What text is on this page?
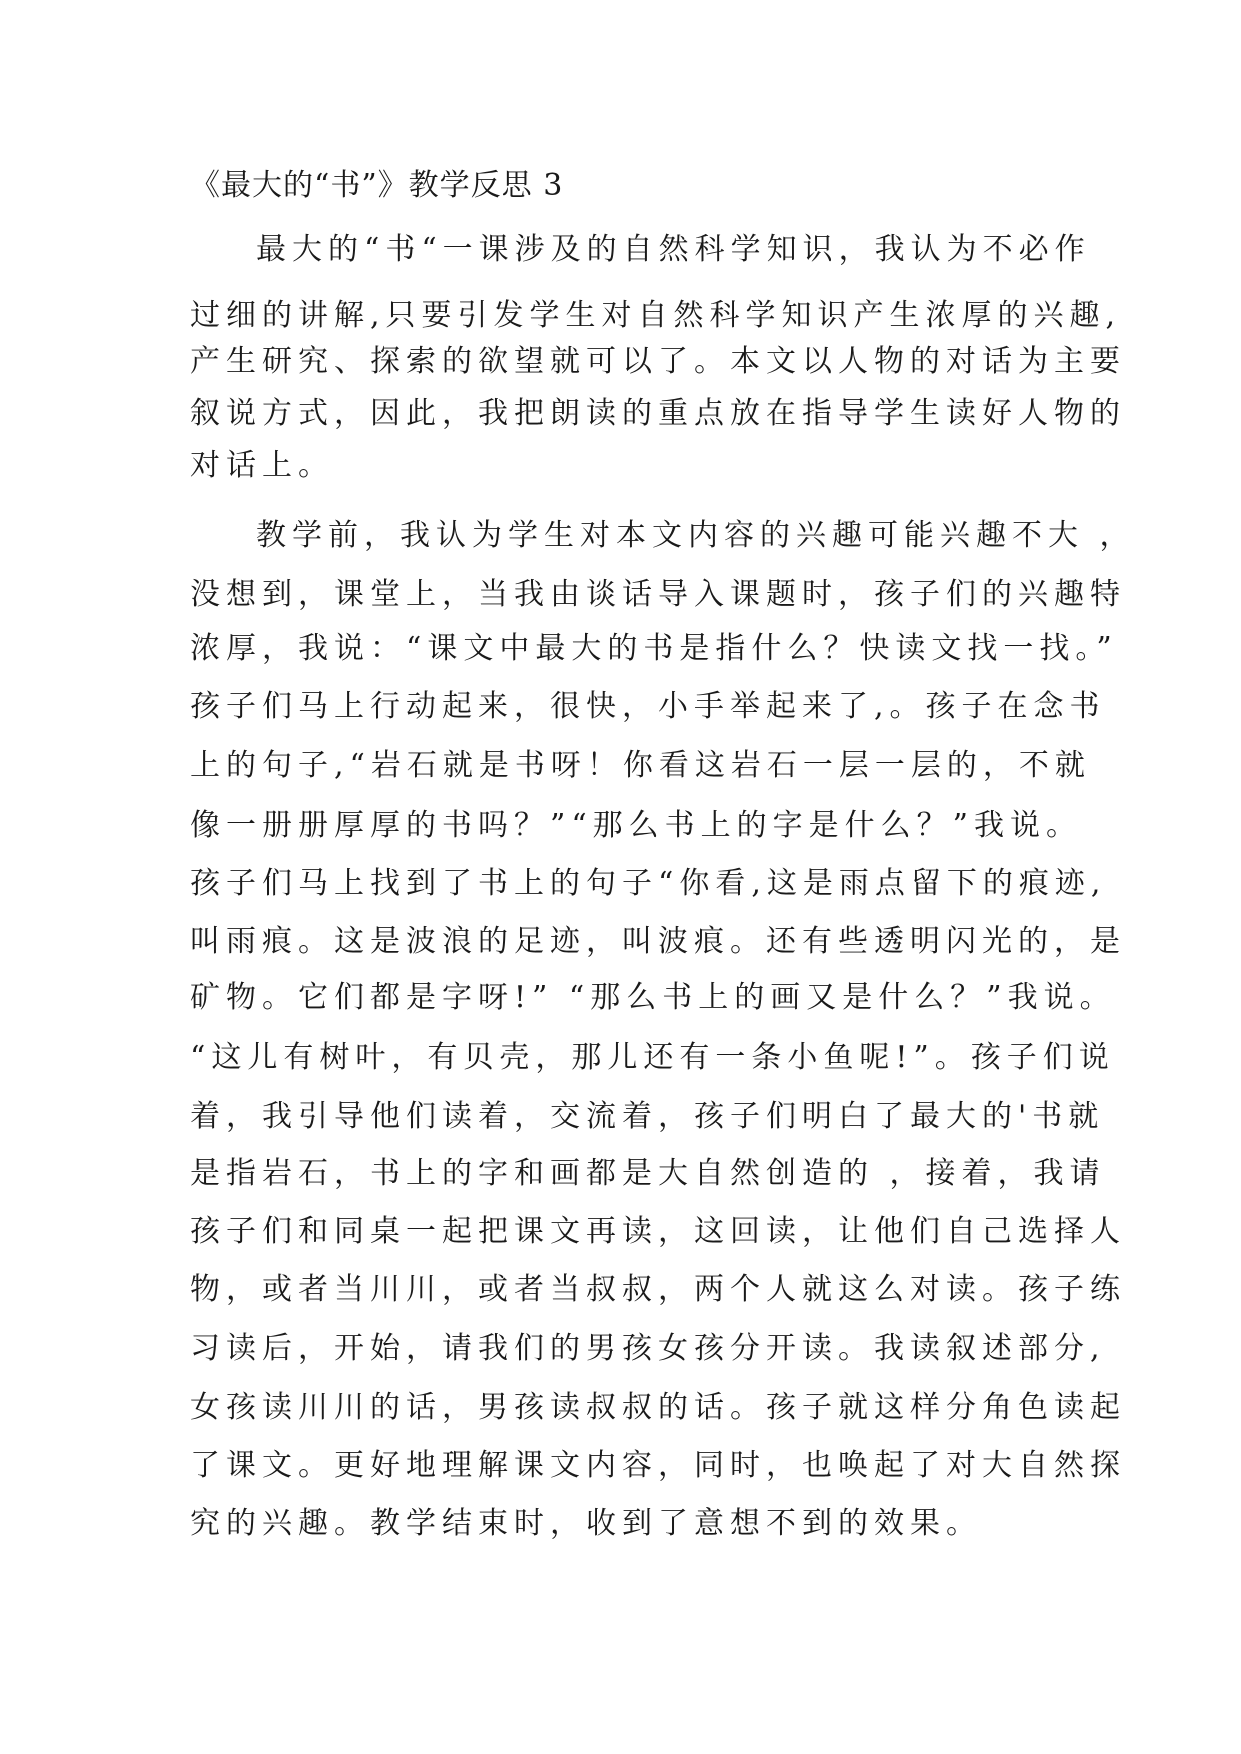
《最大的“书”》教学反思 3

最大的“书“一课涉及的自然科学知识，我认为不必作

过细的讲解,只要引发学生对自然科学知识产生浓厚的兴趣,

产生研究、探索的欲望就可以了。本文以人物的对话为主要

叙说方式，因此，我把朗读的重点放在指导学生读好人物的

对话上。

教学前，我认为学生对本文内容的兴趣可能兴趣不大 ，

没想到，课堂上，当我由谈话导入课题时，孩子们的兴趣特

浓厚，我说：“课文中最大的书是指什么？快读文找一找。”

孩子们马上行动起来，很快，小手举起来了,。孩子在念书

上的句子,“岩石就是书呀！你看这岩石一层一层的，不就

像一册册厚厚的书吗？”“那么书上的字是什么？”我说。

孩子们马上找到了书上的句子“你看,这是雨点留下的痕迹,

叫雨痕。这是波浪的足迹，叫波痕。还有些透明闪光的，是

矿物。它们都是字呀!” “那么书上的画又是什么？”我说。

“这儿有树叶，有贝壳，那儿还有一条小鱼呢!”。孩子们说

着，我引导他们读着，交流着，孩子们明白了最大的'书就

是指岩石，书上的字和画都是大自然创造的 ，接着，我请

孩子们和同桌一起把课文再读，这回读，让他们自己选择人

物，或者当川川，或者当叔叔，两个人就这么对读。孩子练

习读后，开始，请我们的男孩女孩分开读。我读叙述部分,

女孩读川川的话，男孩读叔叔的话。孩子就这样分角色读起

了课文。更好地理解课文内容，同时，也唤起了对大自然探

究的兴趣。教学结束时，收到了意想不到的效果。
